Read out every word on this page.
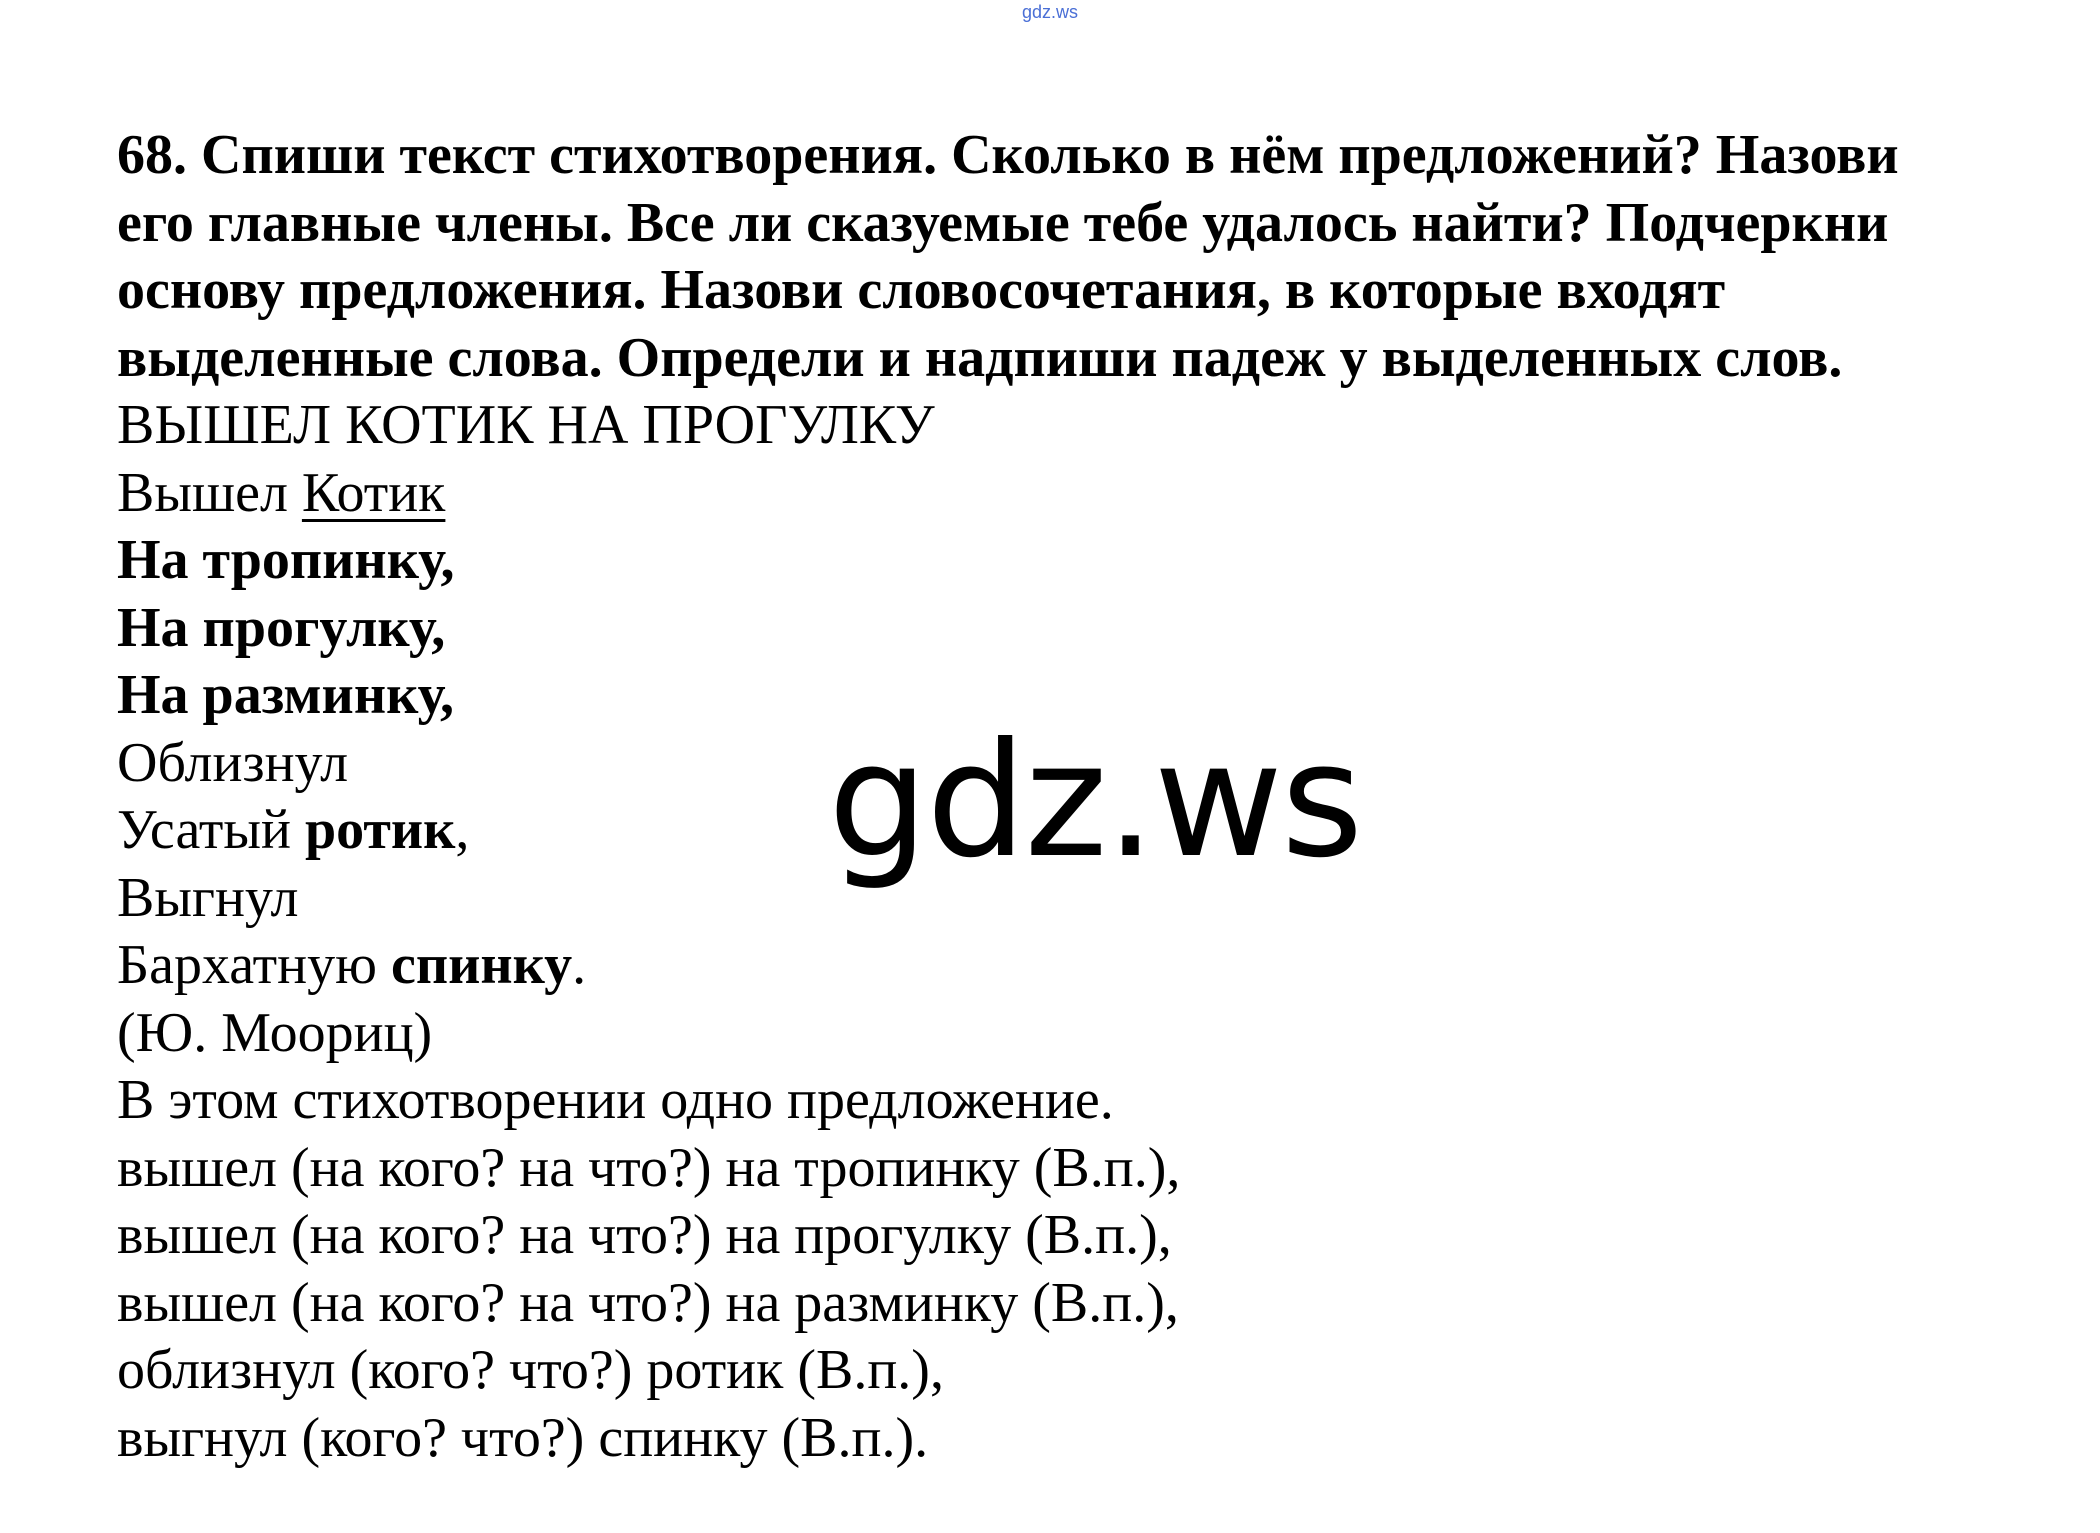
gdz.ws

68. Спиши текст стихотворения. Сколько в нём предложений? Назови

его главные члены. Все ли сказуемые тебе удалось найти? Подчеркни

основу предложения. Назови словосочетания, в которые входят

выделенные слова. Определи и надпиши падеж у выделенных слов.

ВЫШЕЛ КОТИК НА ПРОГУЛКУ

Вышел Котик

На тропинку,

На прогулку,

На разминку,

Облизнул

Усатый ротик,

Выгнул

Бархатную спинку.

(Ю. Моориц)

В этом стихотворении одно предложение.

вышел (на кого? на что?) на тропинку (В.п.),

вышел (на кого? на что?) на прогулку (В.п.),

вышел (на кого? на что?) на разминку (В.п.),

облизнул (кого? что?) ротик (В.п.),

выгнул (кого? что?) спинку (В.п.).

gdz.ws
